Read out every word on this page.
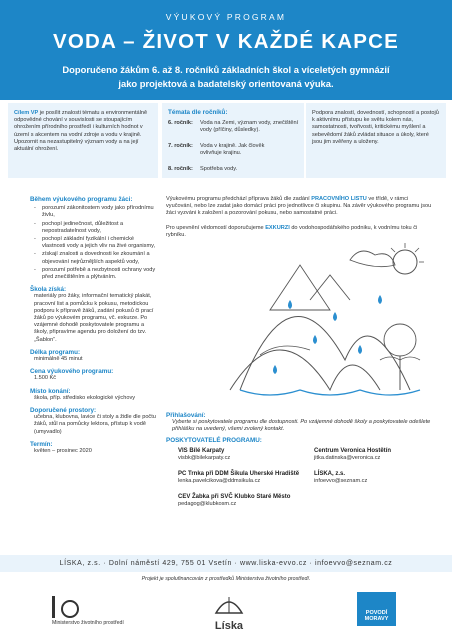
VÝUKOVÝ PROGRAM
VODA – ŽIVOT V KAŽDÉ KAPCE
Doporučeno žákům 6. až 8. ročníků základních škol a víceletých gymnázií
jako projektová a badatelský orientovaná výuka.
Cílem VP je posílit znalosti tématu a environmentálně odpovědné chování v souvislosti se stoupajícím ohrožením přírodního prostředí i kulturních hodnot v území s akcentem na vodní zdroje a vodu v krajině. Upozornit na nezastupitelný význam vody a na její aktuální ohrožení.
Témata dle ročníků:
6. ročník:	Voda na Zemi, význam vody, znečištění vody (příčiny, důsledky).
7. ročník:	Voda v krajině. Jak člověk ovlivňuje krajinu.
8. ročník:	Spotřeba vody.
Podpora znalostí, dovedností, schopností a postojů k aktivnímu přístupu ke světu kolem nás, samostatnosti, tvořivosti, kritickému myšlení a sebevědomí žáků zvládat situace a úkoly, které jsou jim svěřeny a uloženy.
Během výukového programu žáci:
- porozumí zákonitostem vody jako přírodnímu živlu,
- pochopí jedinečnost, důležitost a nepostradatelnost vody,
- pochopí základní fyzikální i chemické vlastnosti vody a jejich vliv na živé organismy,
- získají znalosti a dovednosti ke zkoumání a objevování nejrůznějších aspektů vody,
- porozumí potřebě a nezbytnosti ochrany vody před znečištěním a plýtváním.
Škola získá:
materiály pro žáky, informační tematický plakát, pracovní list a pomůcku k pokusu, metodickou podporu k přípravě žáků, zadání pokusů či prací žáků po výukovém programu, vč. exkurze. Po vzájemné dohodě poskytovatele programu a školy, připravíme agendu pro doložení do tzv. „Šablon“.
Délka programu:
minimálně 45 minut
Cena výukového programu:
1.500 Kč
Místo konání:
škola, příp. středisko ekologické výchovy
Doporučené prostory:
učebna, klubovna, lavice či stoly a židle dle počtu žáků, stůl na pomůcky lektora, přístup k vodě (umyvadlo)
Termín:
květen – prosinec 2020
Výukovému programu předchází příprava žáků dle zadání PRACOVNÍHO LISTU ve třídě, v rámci vyučování, nebo lze zadat jako domácí práci pro jednotlivce či skupinu. Na závěr výukového programu jsou žáci vyzváni k založení a pozorování pokusu, nebo samostatné práci.
Pro upevnění vědomostí doporučujeme EXKURZI do vodohospodářského podniku, k vodnímu toku či rybníku.
Přihlašování:
Vyberte si poskytovatele programu dle dostupnosti. Po vzájemné dohodě školy a poskytovatele odešlete přihlášku na uvedený, všemi zvolený kontakt.
POSKYTOVATELÉ PROGRAMU:
VIS Bílé Karpaty
visbk@bilekarpaty.cz
Centrum Veronica Hostětín
jitka.datinska@veronica.cz
PC Trnka při DDM Šikula Uherské Hradiště
lenka.pavelcikova@ddmsikula.cz
LÍSKA, z.s.
infoevvo@seznam.cz
CEV Žabka při SVČ Klubko Staré Město
pedagog@klubkosm.cz
LÍSKA, z.s. · Dolní náměstí 429, 755 01 Vsetín · www.liska-evvo.cz · infoevvo@seznam.cz
Projekt je spolufinancován z prostředků Ministerstva životního prostředí.
Ministerstvo životního prostředí	Líska
POVODÍ
MORAVY
